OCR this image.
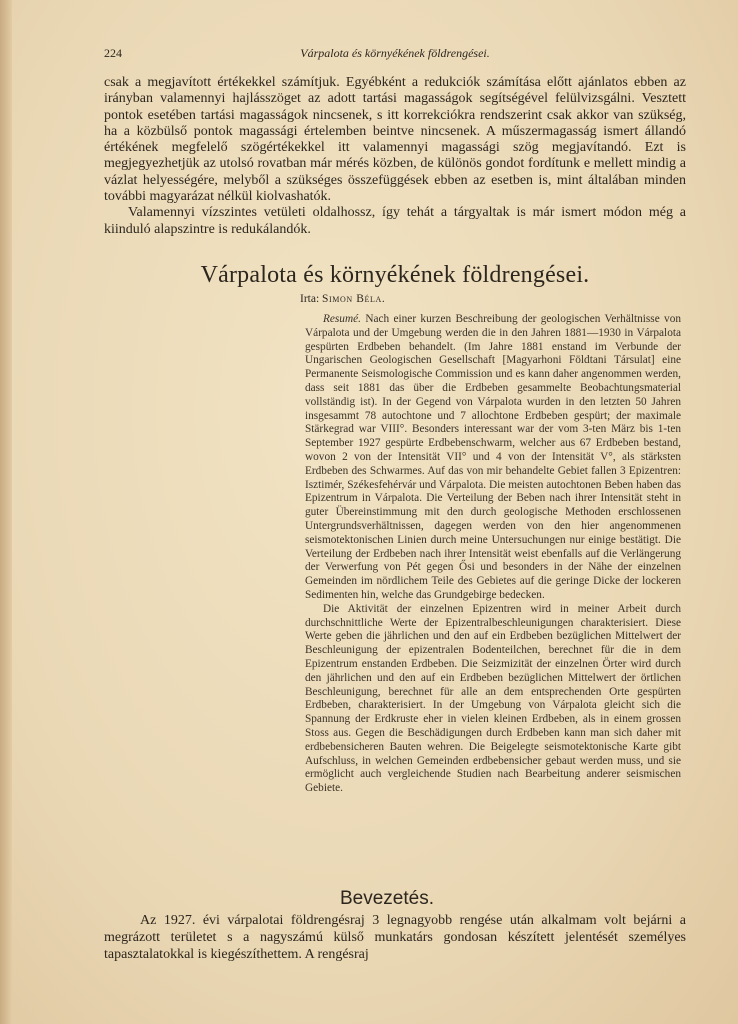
224	Várpalota és környékének földrengései.

csak a megjavított értékekkel számítjuk. Egyébként a redukciók számítása előtt ajánlatos ebben az irányban valamennyi hajlásszöget az adott tartási magasságok segítségével felülvizsgálni. Vesztett pontok esetében tartási magasságok nincsenek, s itt korrekciókra rendszerint csak akkor van szükség, ha a közbülső pontok magassági értelemben beintve nincsenek. A műszermagasság ismert állandó értékének megfelelő szögértékekkel itt valamennyi magassági szög megjavítandó. Ezt is megjegyezhetjük az utolsó rovatban már mérés közben, de különös gondot fordítunk e mellett mindig a vázlat helyességére, melyből a szükséges összefüggések ebben az esetben is, mint általában minden további magyarázat nélkül kiolvashatók.

Valamennyi vízszintes vetületi oldalhossz, így tehát a tárgyaltak is már ismert módon még a kiinduló alapszintre is redukálandók.

Várpalota és környékének földrengései.
Irta: Simon Béla.

Resumé. Nach einer kurzen Beschreibung der geologischen Verhältnisse von Várpalota und der Umgebung werden die in den Jahren 1881—1930 in Várpalota gespürten Erdbeben behandelt. (Im Jahre 1881 enstand im Verbunde der Ungarischen Geologischen Gesellschaft [Magyarhoni Földtani Társulat] eine Permanente Seismologische Commission und es kann daher angenommen werden, dass seit 1881 das über die Erdbeben gesammelte Beobachtungsmaterial vollständig ist). In der Gegend von Várpalota wurden in den letzten 50 Jahren insgesammt 78 autochtone und 7 allochtone Erdbeben gespürt; der maximale Stärkegrad war VIII°. Besonders interessant war der vom 3-ten März bis 1-ten September 1927 gespürte Erdbebenschwarm, welcher aus 67 Erdbeben bestand, wovon 2 von der Intensität VII° und 4 von der Intensität V°, als stärksten Erdbeben des Schwarmes. Auf das von mir behandelte Gebiet fallen 3 Epizentren: Isztimér, Székesfehérvár und Várpalota. Die meisten autochtonen Beben haben das Epizentrum in Várpalota. Die Verteilung der Beben nach ihrer Intensität steht in guter Übereinstimmung mit den durch geologische Methoden erschlossenen Untergrundsverhältnissen, dagegen werden von den hier angenommenen seismotektonischen Linien durch meine Untersuchungen nur einige bestätigt. Die Verteilung der Erdbeben nach ihrer Intensität weist ebenfalls auf die Verlängerung der Verwerfung von Pét gegen Ősi und besonders in der Nähe der einzelnen Gemeinden im nördlichem Teile des Gebietes auf die geringe Dicke der lockeren Sedimenten hin, welche das Grundgebirge bedecken.

Die Aktivität der einzelnen Epizentren wird in meiner Arbeit durch durchschnittliche Werte der Epizentralbeschleunigungen charakterisiert. Diese Werte geben die jährlichen und den auf ein Erdbeben bezüglichen Mittelwert der Beschleunigung der epizentralen Bodenteilchen, berechnet für die in dem Epizentrum enstanden Erdbeben. Die Seizmizität der einzelnen Örter wird durch den jährlichen und den auf ein Erdbeben bezüglichen Mittelwert der örtlichen Beschleunigung, berechnet für alle an dem entsprechenden Orte gespürten Erdbeben, charakterisiert. In der Umgebung von Várpalota gleicht sich die Spannung der Erdkruste eher in vielen kleinen Erdbeben, als in einem grossen Stoss aus. Gegen die Beschädigungen durch Erdbeben kann man sich daher mit erdbebensicheren Bauten wehren. Die Beigelegte seismotektonische Karte gibt Aufschluss, in welchen Gemeinden erdbebensicher gebaut werden muss, und sie ermöglicht auch vergleichende Studien nach Bearbeitung anderer seismischen Gebiete.

Bevezetés.

Az 1927. évi várpalotai földrengésraj 3 legnagyobb rengése után alkalmam volt bejárni a megrázott területet s a nagyszámú külső munkatárs gondosan készített jelentését személyes tapasztalatokkal is kiegészíthettem. A rengésraj
